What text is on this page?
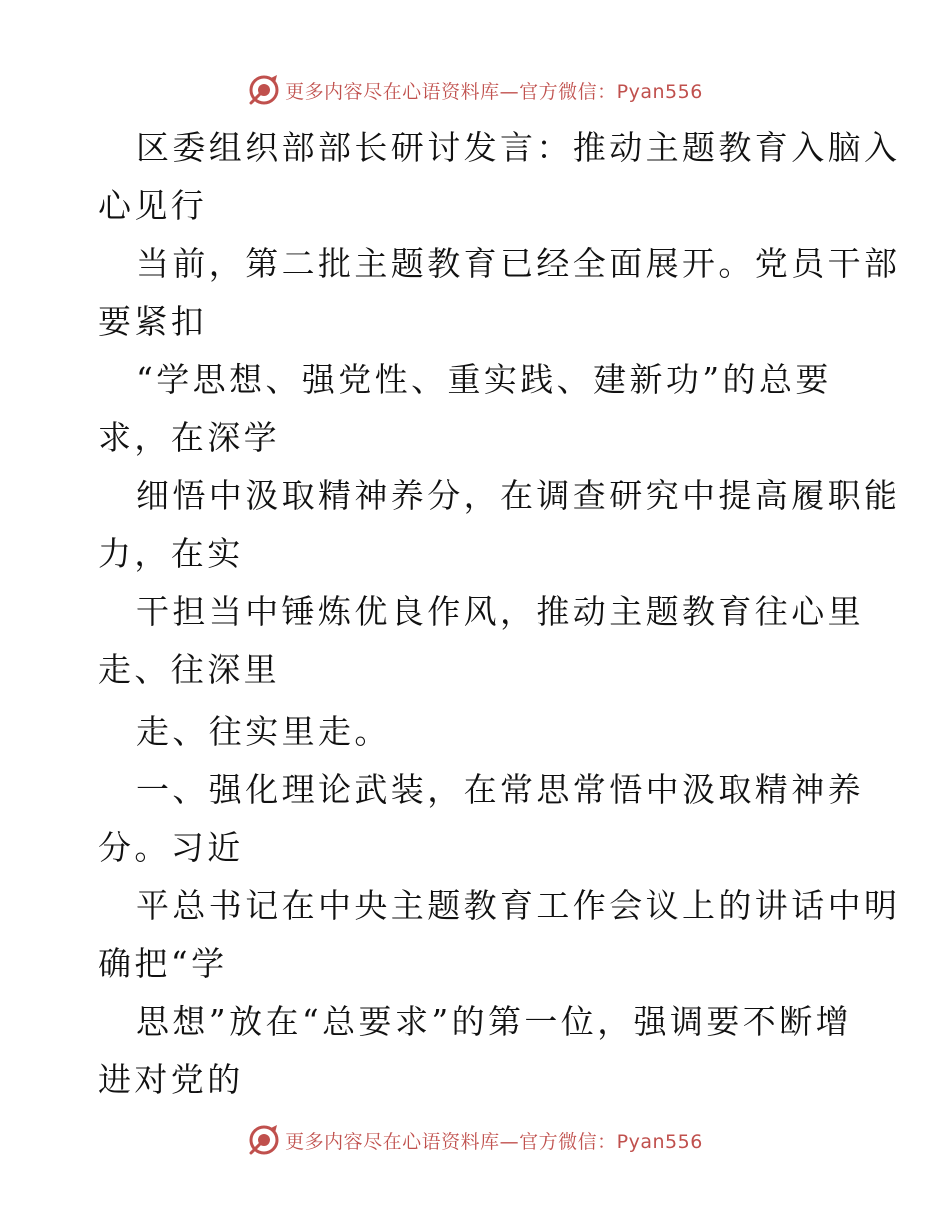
更多内容尽在心语资料库—官方微信：Pyan556
区委组织部部长研讨发言：推动主题教育入脑入
心见行
当前，第二批主题教育已经全面展开。党员干部
要紧扣
“学思想、强党性、重实践、建新功”的总要
求，在深学
细悟中汲取精神养分，在调查研究中提高履职能
力，在实
干担当中锤炼优良作风，推动主题教育往心里
走、往深里
走、往实里走。
一、强化理论武装，在常思常悟中汲取精神养
分。习近
平总书记在中央主题教育工作会议上的讲话中明
确把“学
思想”放在“总要求”的第一位，强调要不断增
进对党的
更多内容尽在心语资料库—官方微信：Pyan556
